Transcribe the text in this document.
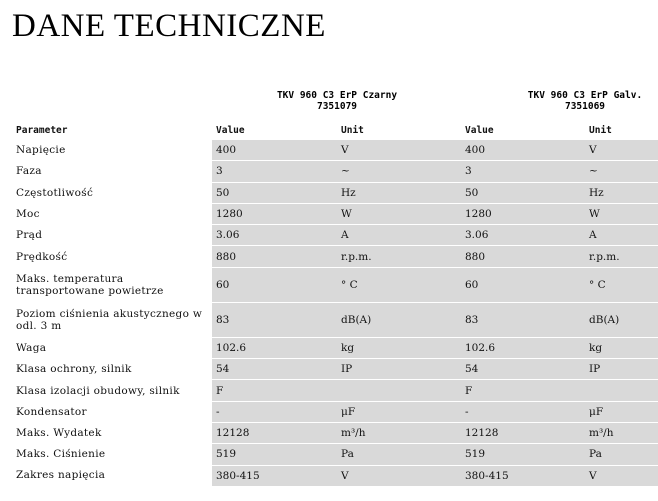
DANE TECHNICZNE
TKV 960 C3 ErP Czarny
7351079
TKV 960 C3 ErP Galv.
7351069
Parameter	Value	Unit	Value	Unit
Napięcie	400	V	400	V
Faza	3	~	3	~
Częstotliwość	50	Hz	50	Hz
Moc	1280	W	1280	W
Prąd	3.06	A	3.06	A
Prędkość	880	r.p.m.	880	r.p.m.
Maks. temperatura transportowane powietrze	60	° C	60	° C
Poziom ciśnienia akustycznego w odl. 3 m	83	dB(A)	83	dB(A)
Waga	102.6	kg	102.6	kg
Klasa ochrony, silnik	54	IP	54	IP
Klasa izolacji obudowy, silnik	F		F	
Kondensator	-	μF	-	μF
Maks. Wydatek	12128	m³/h	12128	m³/h
Maks. Ciśnienie	519	Pa	519	Pa
Zakres napięcia	380-415	V	380-415	V
